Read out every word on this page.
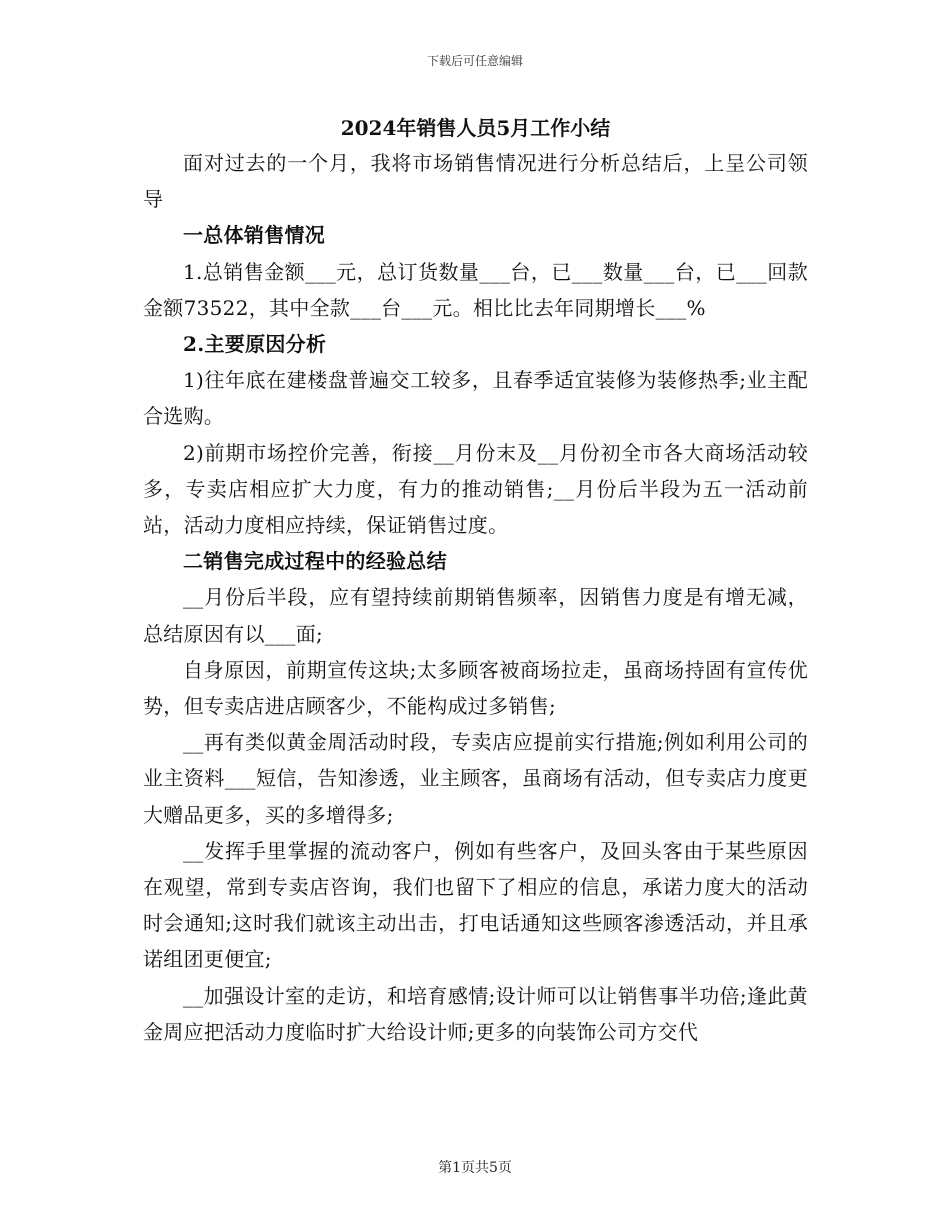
下载后可任意编辑
2024年销售人员5月工作小结

面对过去的一个月，我将市场销售情况进行分析总结后，上呈公司领导

一总体销售情况

1.总销售金额___元，总订货数量___台，已___数量___台，已___回款金额73522，其中全款___台___元。相比比去年同期增长___%

2.主要原因分析

1)往年底在建楼盘普遍交工较多，且春季适宜装修为装修热季;业主配合选购。

2)前期市场控价完善，衔接__月份末及__月份初全市各大商场活动较多，专卖店相应扩大力度，有力的推动销售;__月份后半段为五一活动前站，活动力度相应持续，保证销售过度。

二销售完成过程中的经验总结

__月份后半段，应有望持续前期销售频率，因销售力度是有增无减，总结原因有以___面;

自身原因，前期宣传这块;太多顾客被商场拉走，虽商场持固有宣传优势，但专卖店进店顾客少，不能构成过多销售;

__再有类似黄金周活动时段，专卖店应提前实行措施;例如利用公司的业主资料___短信，告知渗透，业主顾客，虽商场有活动，但专卖店力度更大赠品更多，买的多增得多;

__发挥手里掌握的流动客户，例如有些客户，及回头客由于某些原因在观望，常到专卖店咨询，我们也留下了相应的信息，承诺力度大的活动时会通知;这时我们就该主动出击，打电话通知这些顾客渗透活动，并且承诺组团更便宜;

__加强设计室的走访，和培育感情;设计师可以让销售事半功倍;逢此黄金周应把活动力度临时扩大给设计师;更多的向装饰公司方交代

第1页共5页
